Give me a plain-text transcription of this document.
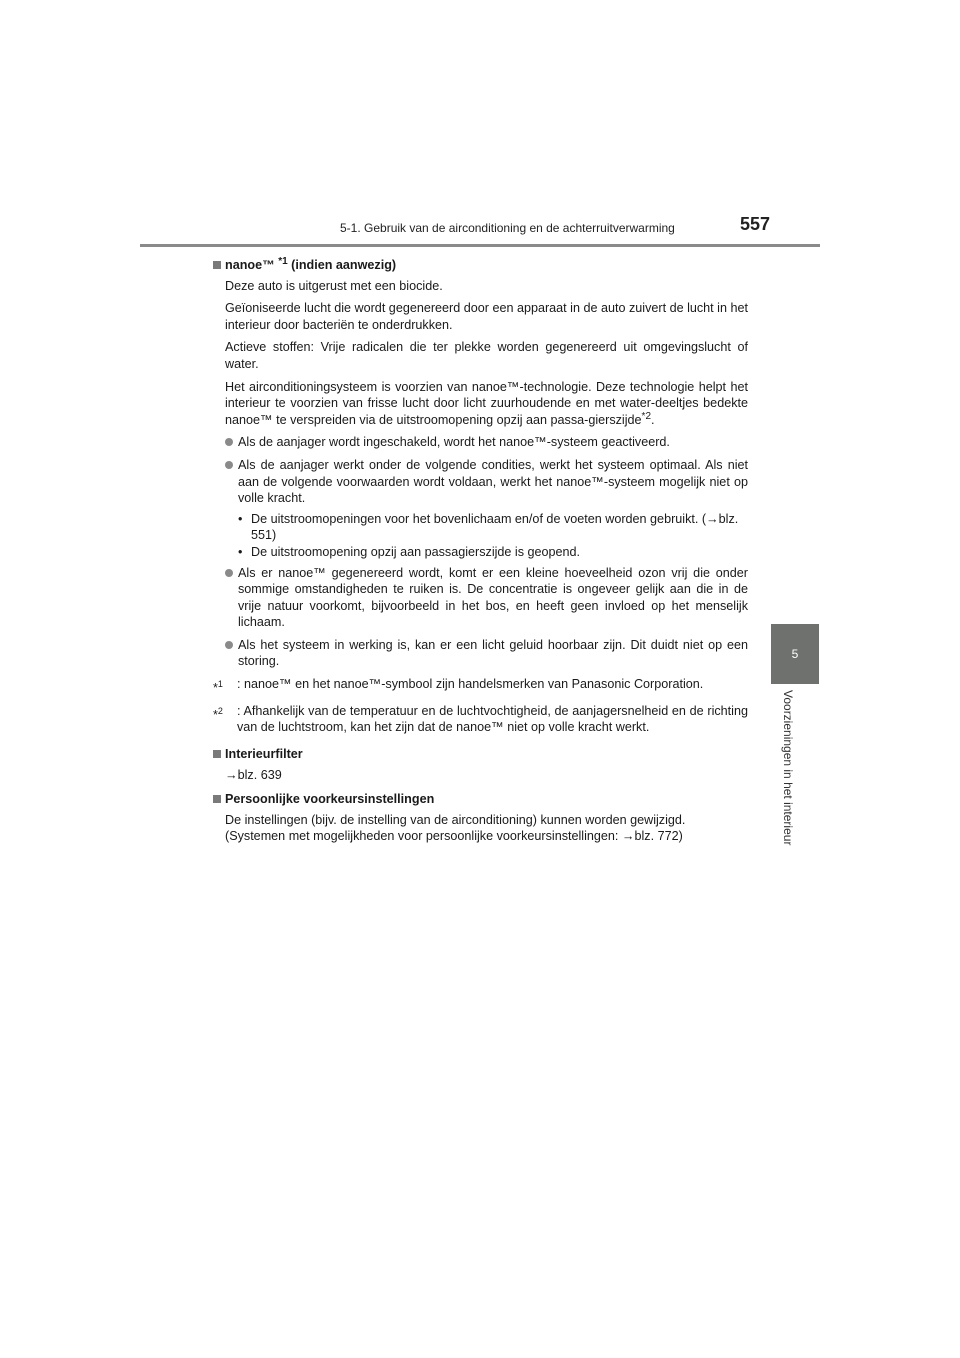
5-1. Gebruik van de airconditioning en de achterruitverwarming	557
5
Voorzieningen in het interieur
nanoe™ $^{*1}$ (indien aanwezig)

Deze auto is uitgerust met een biocide.

Geïoniseerde lucht die wordt gegenereerd door een apparaat in de auto zuivert de lucht in het interieur door bacteriën te onderdrukken.

Actieve stoffen: Vrije radicalen die ter plekke worden gegenereerd uit omgevingslucht of water.

Het airconditioningsysteem is voorzien van nanoe™-technologie. Deze technologie helpt het interieur te voorzien van frisse lucht door licht zuurhoudende en met water-deeltjes bedekte nanoe™ te verspreiden via de uitstroomopening opzij aan passa-gierszijde$^{*2}$.

Als de aanjager wordt ingeschakeld, wordt het nanoe™-systeem geactiveerd.
Als de aanjager werkt onder de volgende condities, werkt het systeem optimaal. Als niet aan de volgende voorwaarden wordt voldaan, werkt het nanoe™-systeem mogelijk niet op volle kracht.

• De uitstroomopeningen voor het bovenlichaam en/of de voeten worden gebruikt. (→blz. 551)

• De uitstroomopening opzij aan passagierszijde is geopend.

Als er nanoe™ gegenereerd wordt, komt er een kleine hoeveelheid ozon vrij die onder sommige omstandigheden te ruiken is. De concentratie is ongeveer gelijk aan die in de vrije natuur voorkomt, bijvoorbeeld in het bos, en heeft geen invloed op het menselijk lichaam.
Als het systeem in werking is, kan er een licht geluid hoorbaar zijn. Dit duidt niet op een storing.
*$^1$	: nanoe™ en het nanoe™-symbool zijn handelsmerken van Panasonic Corporation.
*$^2$	: Afhankelijk van de temperatuur en de luchtvochtigheid, de aanjagersnelheid en de richting van de luchtstroom, kan het zijn dat de nanoe™ niet op volle kracht werkt.
Interieurfilter

→blz. 639

Persoonlijke voorkeursinstellingen

De instellingen (bijv. de instelling van de airconditioning) kunnen worden gewijzigd.

(Systemen met mogelijkheden voor persoonlijke voorkeursinstellingen: →blz. 772)
